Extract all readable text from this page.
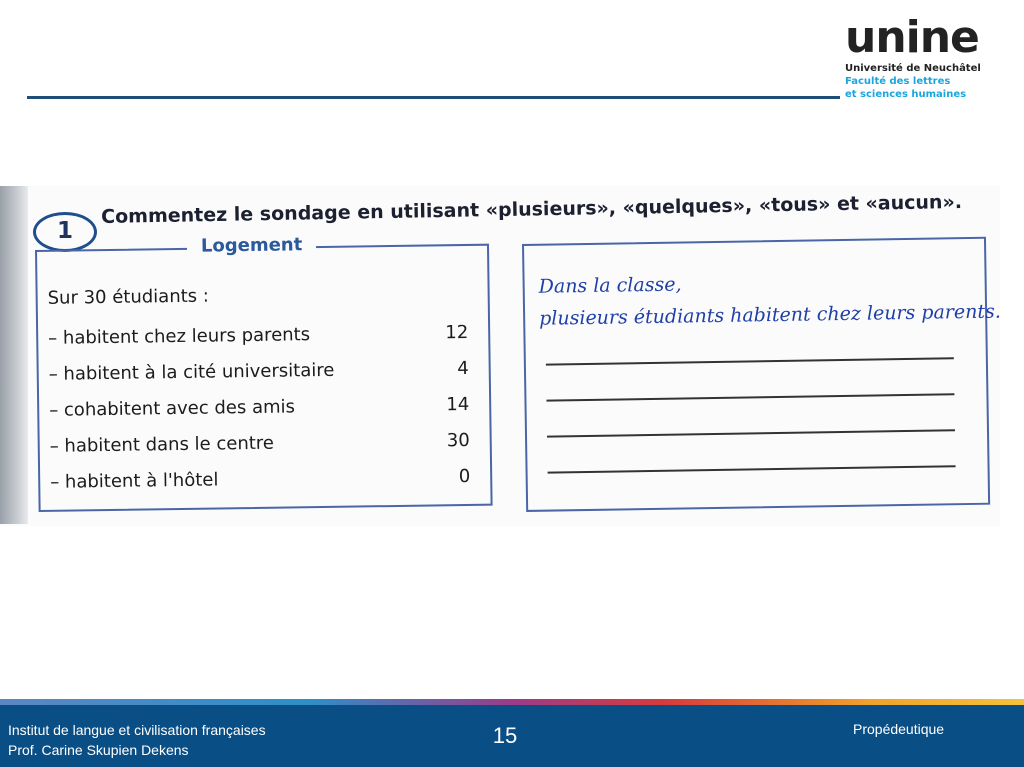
unine
Université de Neuchâtel
Faculté des lettres
et sciences humaines
1
Commentez le sondage en utilisant «plusieurs», «quelques», «tous» et «aucun».
Logement
Sur 30 étudiants :
– habitent chez leurs parents	12
– habitent à la cité universitaire	4
– cohabitent avec des amis	14
– habitent dans le centre	30
– habitent à l'hôtel	0
Dans la classe,
plusieurs étudiants habitent chez leurs parents.
Institut de langue et civilisation françaises
Prof. Carine Skupien Dekens
15	Propédeutique
